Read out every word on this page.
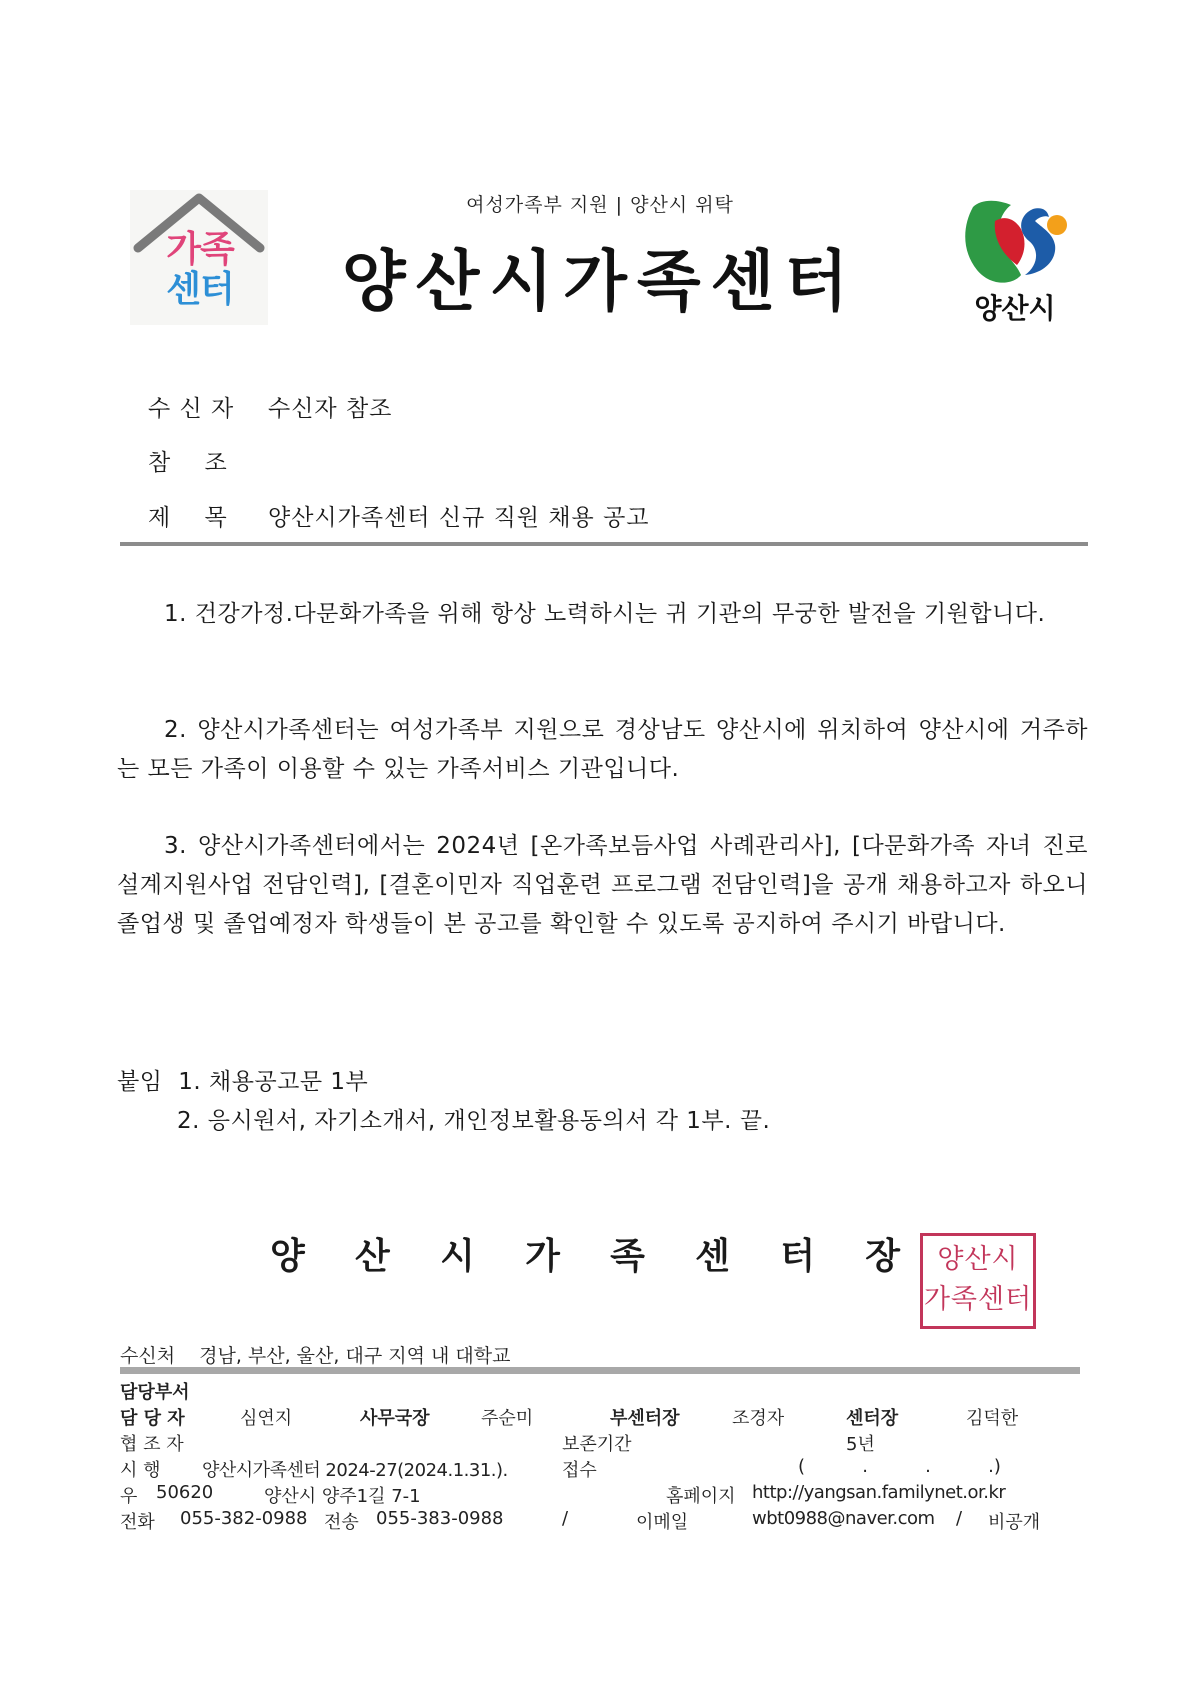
가족
센터
여성가족부 지원 | 양산시 위탁
양산시가족센터	양산시
수 신 자 수신자 참조
참    조
제    목 양산시가족센터 신규 직원 채용 공고
1. 건강가정.다문화가족을 위해 항상 노력하시는 귀 기관의 무궁한 발전을 기원합니다.
2. 양산시가족센터는 여성가족부 지원으로 경상남도 양산시에 위치하여 양산시에 거주하는 모든 가족이 이용할 수 있는 가족서비스 기관입니다.
3. 양산시가족센터에서는 2024년 [온가족보듬사업 사례관리사], [다문화가족 자녀 진로설계지원사업 전담인력], [결혼이민자 직업훈련 프로그램 전담인력]을 공개 채용하고자 하오니 졸업생 및 졸업예정자 학생들이 본 공고를 확인할 수 있도록 공지하여 주시기 바랍니다.
붙임 1. 채용공고문 1부
2. 응시원서, 자기소개서, 개인정보활용동의서 각 1부. 끝.
양 산 시 가 족 센 터 장	양산시
가족센터
수신처 경남, 부산, 울산, 대구 지역 내 대학교
담당부서
담 당 자	심연지	사무국장	주순미	부센터장	조경자	센터장	김덕한
협 조 자	보존기간	5년
시 행 양산시가족센터 2024-27(2024.1.31.).	접수	(          .          .          .)
우 50620	양산시 양주1길 7-1	홈페이지 http://yangsan.familynet.or.kr
전화 055-382-0988 전송 055-383-0988	/	이메일	wbt0988@naver.com / 비공개
